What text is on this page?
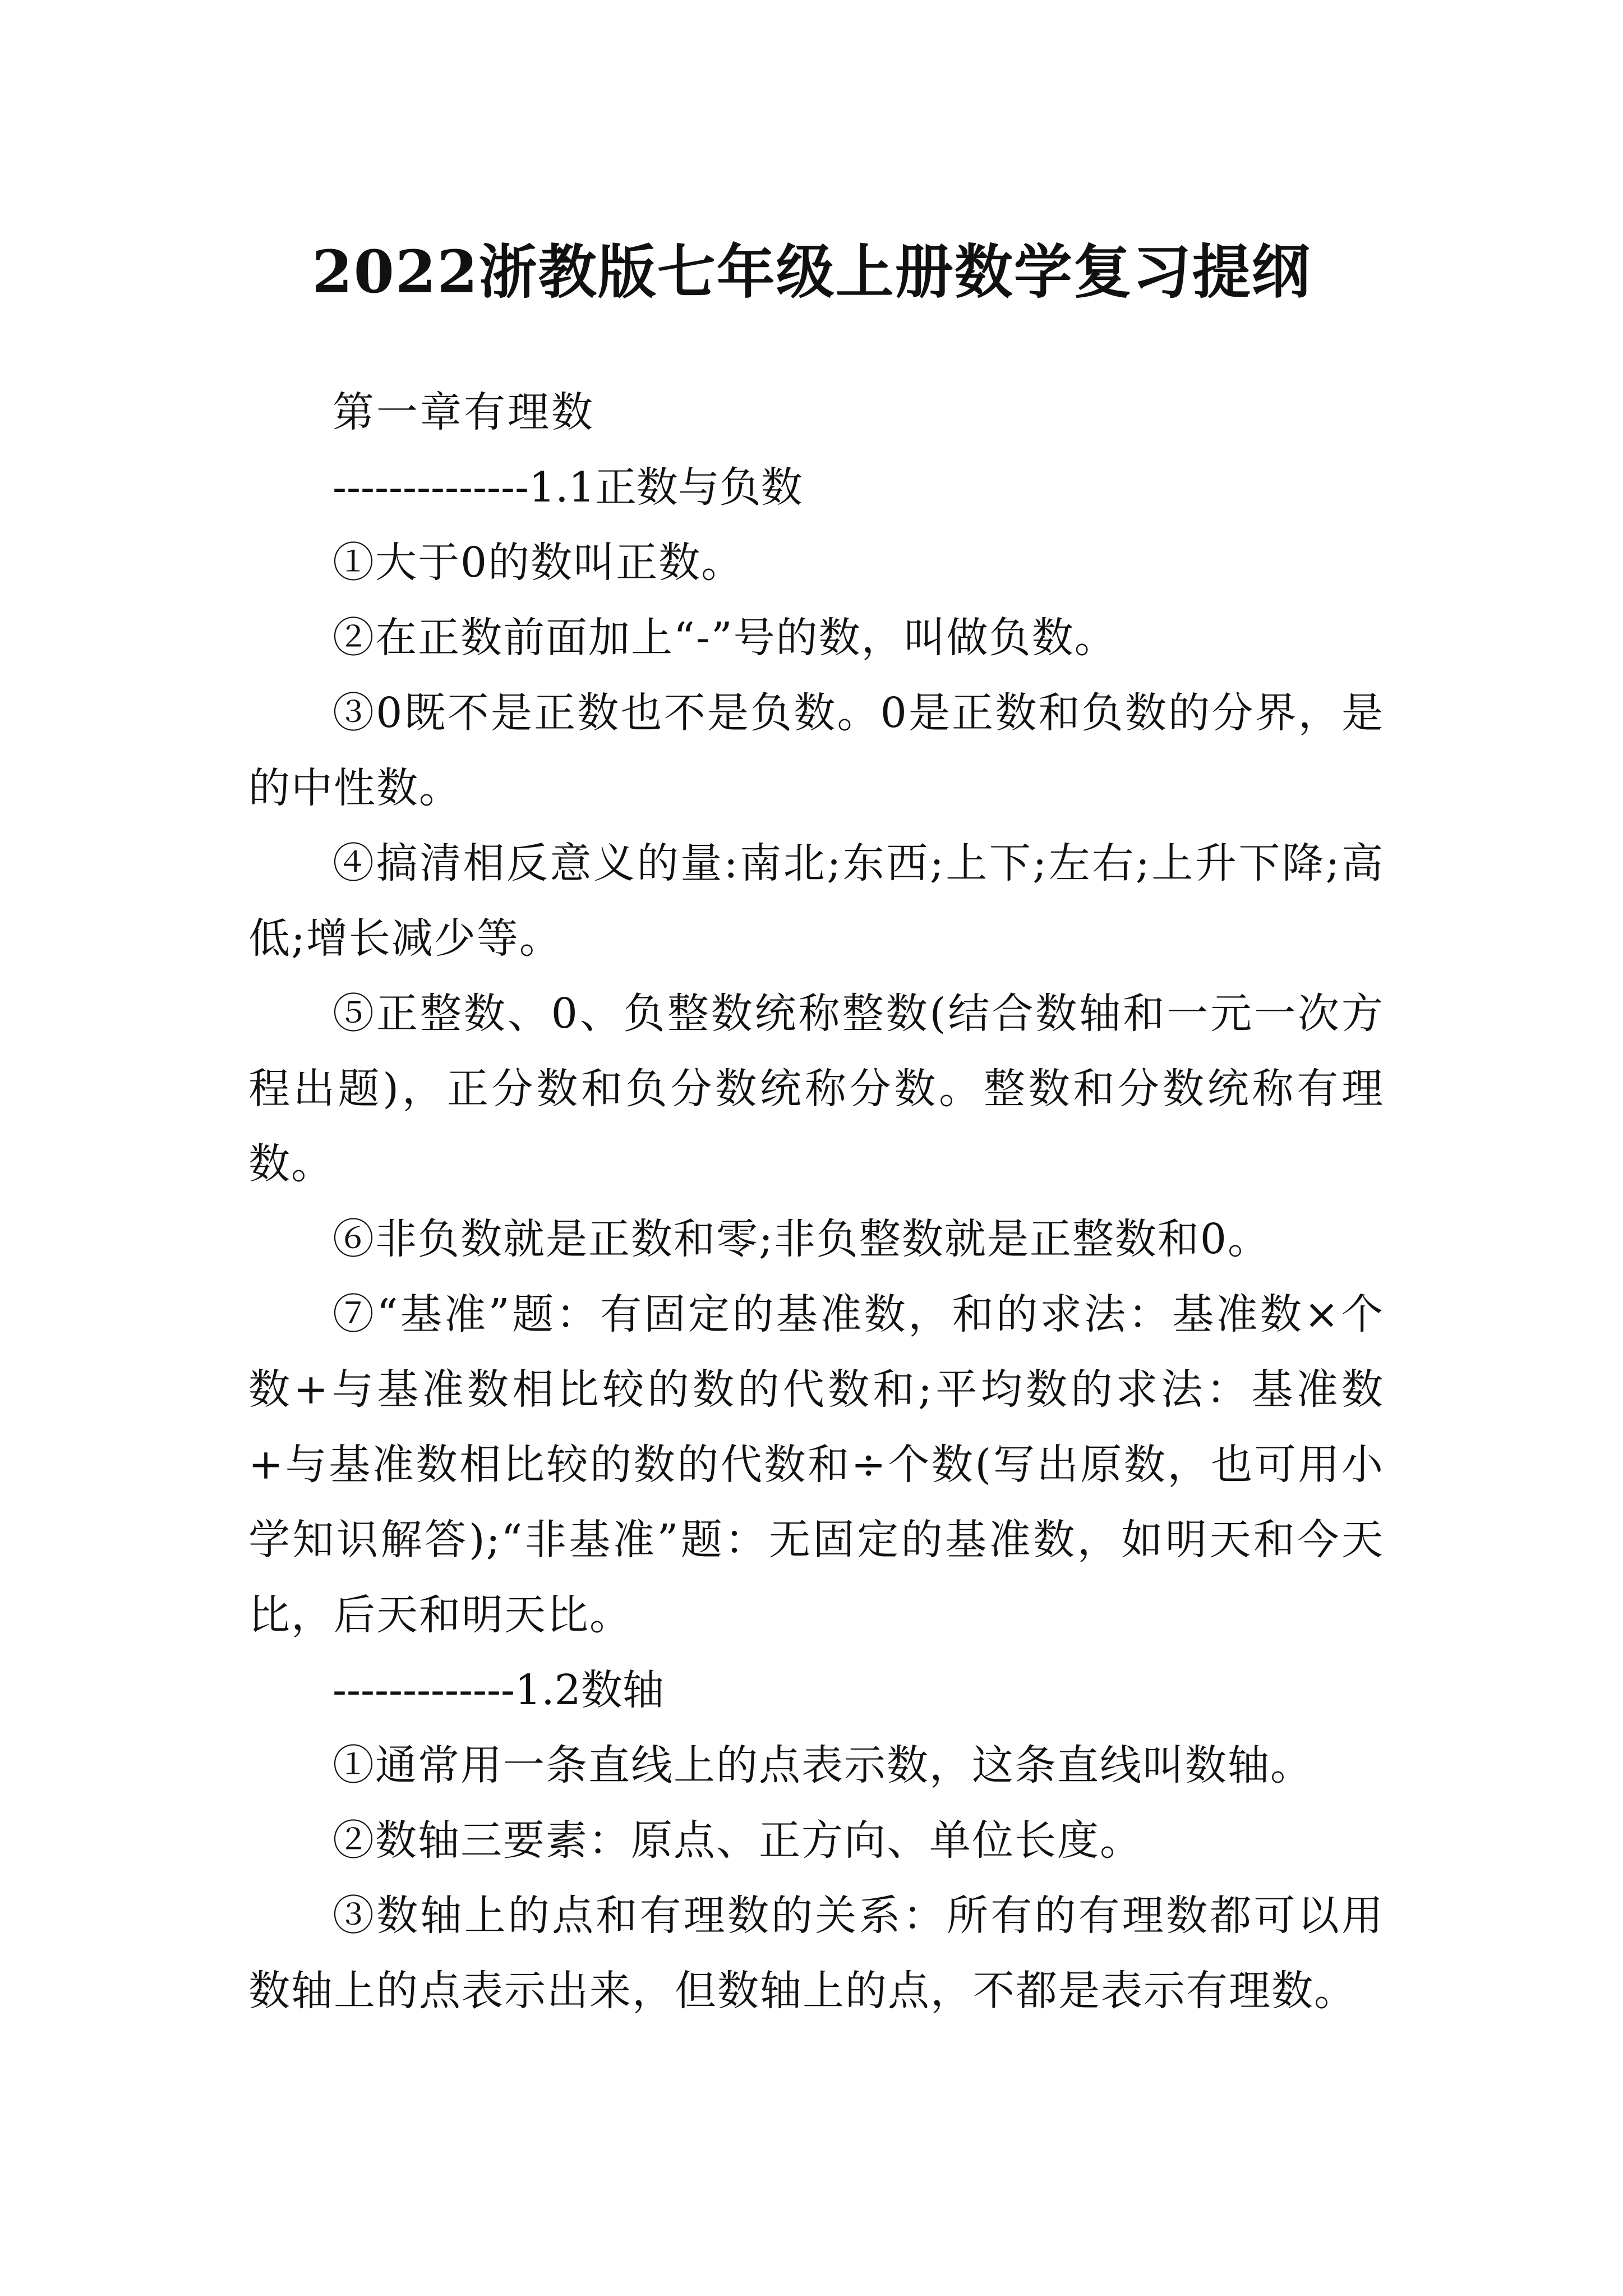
2022浙教版七年级上册数学复习提纲

第一章有理数

--------------1.1正数与负数

①大于0的数叫正数。

②在正数前面加上“-”号的数，叫做负数。

③0既不是正数也不是负数。0是正数和负数的分界，是的中性数。

④搞清相反意义的量:南北;东西;上下;左右;上升下降;高低;增长减少等。

⑤正整数、0、负整数统称整数(结合数轴和一元一次方程出题)，正分数和负分数统称分数。整数和分数统称有理数。

⑥非负数就是正数和零;非负整数就是正整数和0。

⑦“基准”题：有固定的基准数，和的求法：基准数×个数+与基准数相比较的数的代数和;平均数的求法：基准数+与基准数相比较的数的代数和÷个数(写出原数，也可用小学知识解答);“非基准”题：无固定的基准数，如明天和今天比，后天和明天比。

-------------1.2数轴

①通常用一条直线上的点表示数，这条直线叫数轴。

②数轴三要素：原点、正方向、单位长度。

③数轴上的点和有理数的关系：所有的有理数都可以用数轴上的点表示出来，但数轴上的点，不都是表示有理数。
